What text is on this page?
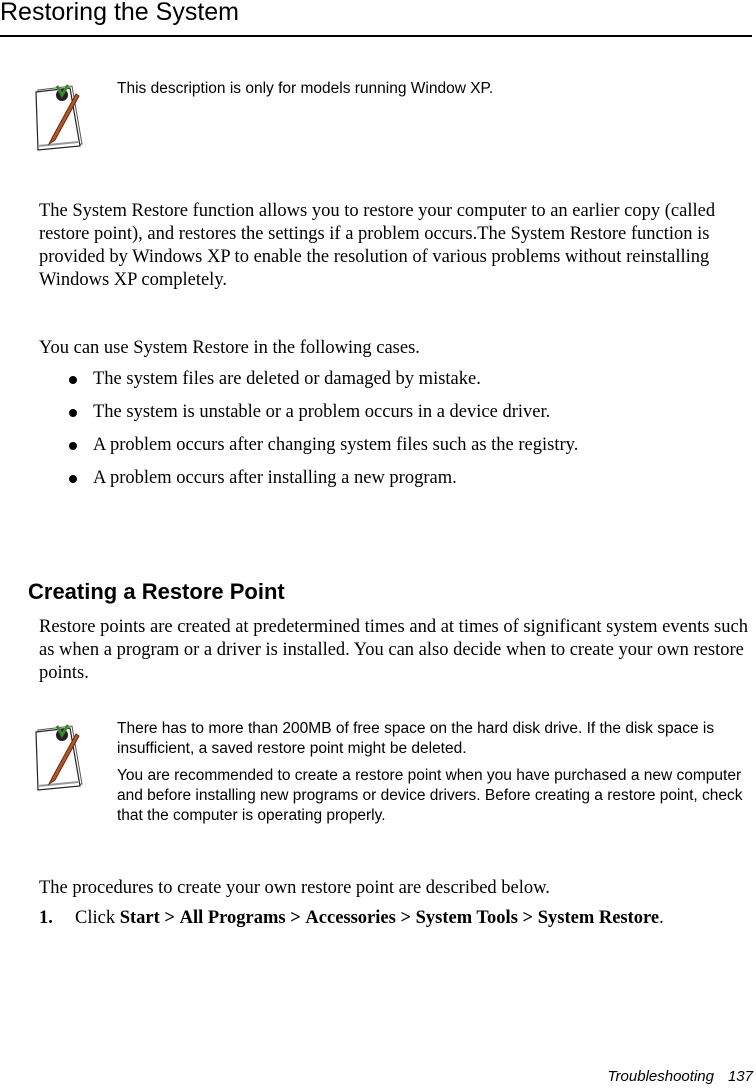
Restoring the System

This description is only for models running Window XP.

The System Restore function allows you to restore your computer to an earlier copy (called restore point), and restores the settings if a problem occurs.The System Restore function is provided by Windows XP to enable the resolution of various problems without reinstalling Windows XP completely.

You can use System Restore in the following cases.

The system files are deleted or damaged by mistake.
The system is unstable or a problem occurs in a device driver.
A problem occurs after changing system files such as the registry.
A problem occurs after installing a new program.
Creating a Restore Point

Restore points are created at predetermined times and at times of significant system events such as when a program or a driver is installed. You can also decide when to create your own restore points.

There has to more than 200MB of free space on the hard disk drive. If the disk space is insufficient, a saved restore point might be deleted.

You are recommended to create a restore point when you have purchased a new computer and before installing new programs or device drivers. Before creating a restore point, check that the computer is operating properly.

The procedures to create your own restore point are described below.

1. Click Start > All Programs > Accessories > System Tools > System Restore.
Troubleshooting 137
